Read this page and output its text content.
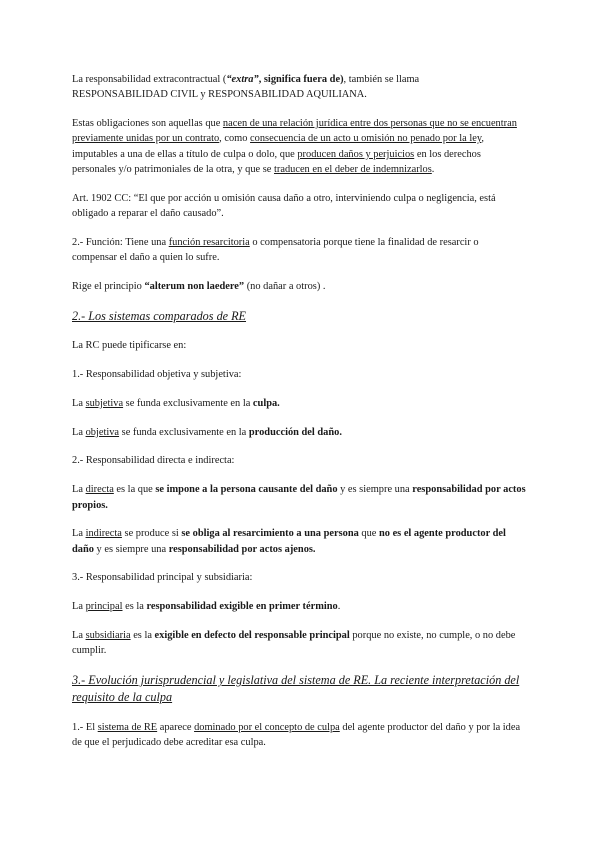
La responsabilidad extracontractual (“extra”, significa fuera de), también se llama
RESPONSABILIDAD CIVIL y RESPONSABILIDAD AQUILIANA.

Estas obligaciones son aquellas que nacen de una relación jurídica entre dos personas que no se encuentran previamente unidas por un contrato, como consecuencia de un acto u omisión no penado por la ley, imputables a una de ellas a título de culpa o dolo, que producen daños y perjuicios en los derechos personales y/o patrimoniales de la otra, y que se traducen en el deber de indemnizarlos.

Art. 1902 CC: “El que por acción u omisión causa daño a otro, interviniendo culpa o negligencia, está obligado a reparar el daño causado”.

2.- Función: Tiene una función resarcitoria o compensatoria porque tiene la finalidad de resarcir o compensar el daño a quien lo sufre.

Rige el principio “alterum non laedere” (no dañar a otros) .

2.- Los sistemas comparados de RE

La RC puede tipificarse en:

1.- Responsabilidad objetiva y subjetiva:

La subjetiva se funda exclusivamente en la culpa.

La objetiva se funda exclusivamente en la producción del daño.

2.- Responsabilidad directa e indirecta:

La directa es la que se impone a la persona causante del daño y es siempre una responsabilidad por actos propios.

La indirecta se produce si se obliga al resarcimiento a una persona que no es el agente productor del daño y es siempre una responsabilidad por actos ajenos.

3.- Responsabilidad principal y subsidiaria:

La principal es la responsabilidad exigible en primer término.

La subsidiaria es la exigible en defecto del responsable principal porque no existe, no cumple, o no debe cumplir.

3.- Evolución jurisprudencial y legislativa del sistema de RE. La reciente interpretación del requisito de la culpa

1.- El sistema de RE aparece dominado por el concepto de culpa del agente productor del daño y por la idea de que el perjudicado debe acreditar esa culpa.
